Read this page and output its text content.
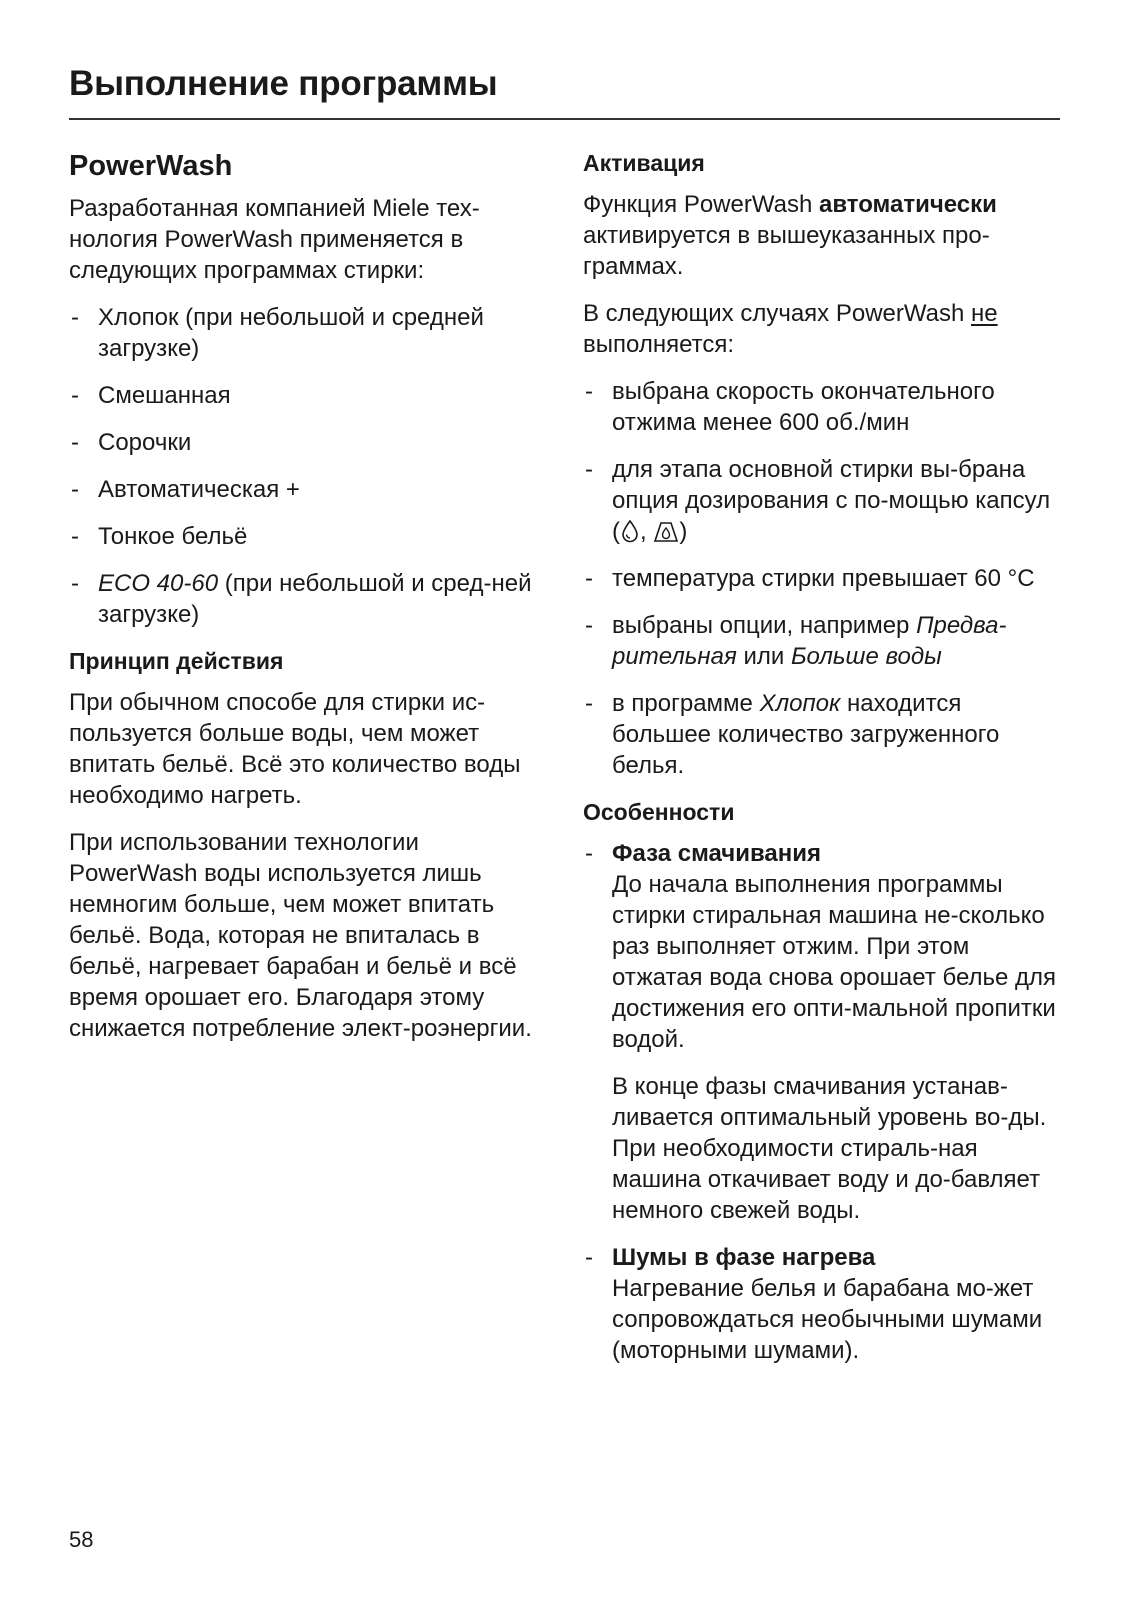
Выполнение программы
PowerWash

Разработанная компанией Miele тех-нология PowerWash применяется в следующих программах стирки:

- Хлопок (при небольшой и средней загрузке)
- Смешанная
- Сорочки
- Автоматическая +
- Тонкое бельё
- ECO 40-60 (при небольшой и сред-ней загрузке)
Принцип действия

При обычном способе для стирки ис-пользуется больше воды, чем может впитать бельё. Всё это количество воды необходимо нагреть.

При использовании технологии PowerWash воды используется лишь немногим больше, чем может впитать бельё. Вода, которая не впиталась в бельё, нагревает барабан и бельё и всё время орошает его. Благодаря этому снижается потребление элект-роэнергии.

Активация

Функция PowerWash автоматически активируется в вышеуказанных про-граммах.

В следующих случаях PowerWash не выполняется:

- выбрана скорость окончательного отжима менее 600 об./мин
- для этапа основной стирки вы-брана опция дозирования с по-мощью капсул ( , )
- температура стирки превышает 60 °C
- выбраны опции, например Предва-рительная или Больше воды
- в программе Хлопок находится большее количество загруженного белья.
Особенности
- Фаза смачивания
До начала выполнения программы стирки стиральная машина не-сколько раз выполняет отжим. При этом отжатая вода снова орошает белье для достижения его опти-мальной пропитки водой.
В конце фазы смачивания устанав-ливается оптимальный уровень во-ды. При необходимости стираль-ная машина откачивает воду и до-бавляет немного свежей воды.
- Шумы в фазе нагрева
Нагревание белья и барабана мо-жет сопровождаться необычными шумами (моторными шумами).
58
